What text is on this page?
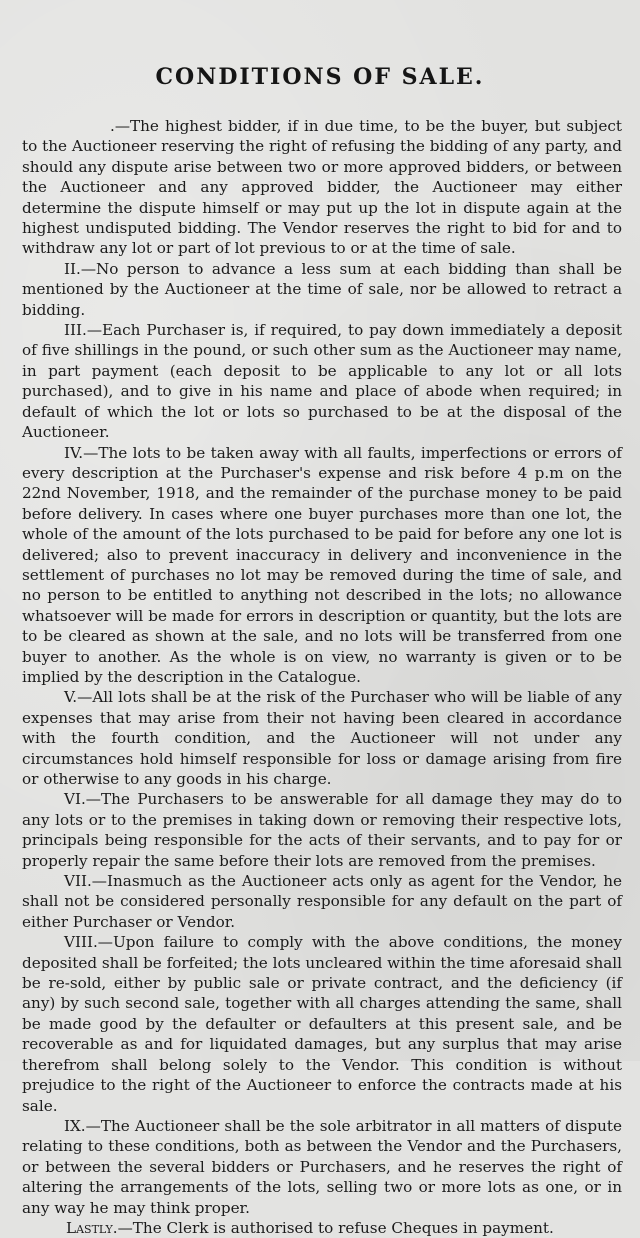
CONDITIONS OF SALE.

.—The highest bidder, if in due time, to be the buyer, but subject to the Auctioneer reserving the right of refusing the bidding of any party, and should any dispute arise between two or more approved bidders, or between the Auctioneer and any approved bidder, the Auctioneer may either determine the dispute himself or may put up the lot in dispute again at the highest undisputed bidding. The Vendor reserves the right to bid for and to withdraw any lot or part of lot previous to or at the time of sale.

II.—No person to advance a less sum at each bidding than shall be mentioned by the Auctioneer at the time of sale, nor be allowed to retract a bidding.

III.—Each Purchaser is, if required, to pay down immediately a deposit of five shillings in the pound, or such other sum as the Auctioneer may name, in part payment (each deposit to be applicable to any lot or all lots purchased), and to give in his name and place of abode when required; in default of which the lot or lots so purchased to be at the disposal of the Auctioneer.

IV.—The lots to be taken away with all faults, imperfections or errors of every description at the Purchaser's expense and risk before 4 p.m on the 22nd November, 1918, and the remainder of the purchase money to be paid before delivery. In cases where one buyer purchases more than one lot, the whole of the amount of the lots purchased to be paid for before any one lot is delivered; also to prevent inaccuracy in delivery and inconvenience in the settlement of purchases no lot may be removed during the time of sale, and no person to be entitled to anything not described in the lots; no allowance whatsoever will be made for errors in description or quantity, but the lots are to be cleared as shown at the sale, and no lots will be transferred from one buyer to another. As the whole is on view, no warranty is given or to be implied by the description in the Catalogue.

V.—All lots shall be at the risk of the Purchaser who will be liable of any expenses that may arise from their not having been cleared in accordance with the fourth condition, and the Auctioneer will not under any circumstances hold himself responsible for loss or damage arising from fire or otherwise to any goods in his charge.

VI.—The Purchasers to be answerable for all damage they may do to any lots or to the premises in taking down or removing their respective lots, principals being responsible for the acts of their servants, and to pay for or properly repair the same before their lots are removed from the premises.

VII.—Inasmuch as the Auctioneer acts only as agent for the Vendor, he shall not be considered personally responsible for any default on the part of either Purchaser or Vendor.

VIII.—Upon failure to comply with the above conditions, the money deposited shall be forfeited; the lots uncleared within the time aforesaid shall be re-sold, either by public sale or private contract, and the deficiency (if any) by such second sale, together with all charges attending the same, shall be made good by the defaulter or defaulters at this present sale, and be recoverable as and for liquidated damages, but any surplus that may arise therefrom shall belong solely to the Vendor. This condition is without prejudice to the right of the Auctioneer to enforce the contracts made at his sale.

IX.—The Auctioneer shall be the sole arbitrator in all matters of dispute relating to these conditions, both as between the Vendor and the Purchasers, or between the several bidders or Purchasers, and he reserves the right of altering the arrangements of the lots, selling two or more lots as one, or in any way he may think proper.

Lastly.—The Clerk is authorised to refuse Cheques in payment.
